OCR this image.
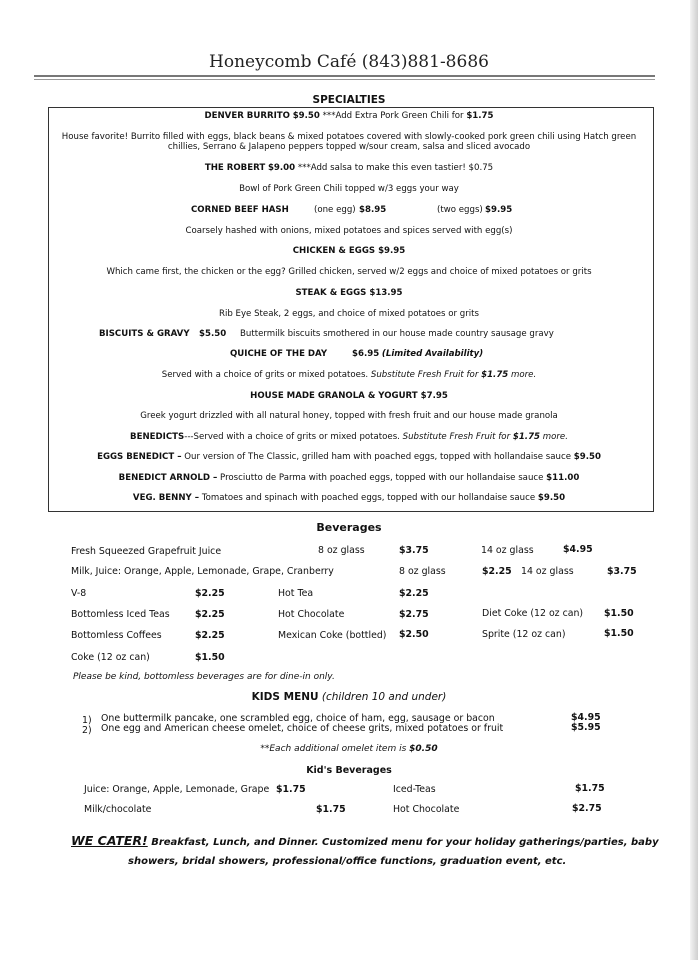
Honeycomb Café (843)881-8686
SPECIALTIES
DENVER BURRITO $9.50 ***Add Extra Pork Green Chili for $1.75
House favorite! Burrito filled with eggs, black beans & mixed potatoes covered with slowly-cooked pork green chili using Hatch green
chillies, Serrano & Jalapeno peppers topped w/sour cream, salsa and sliced avocado
THE ROBERT $9.00 ***Add salsa to make this even tastier! $0.75
Bowl of Pork Green Chili topped w/3 eggs your way
CORNED BEEF HASH	(one egg) $8.95	(two eggs) $9.95
Coarsely hashed with onions, mixed potatoes and spices served with egg(s)
CHICKEN & EGGS $9.95
Which came first, the chicken or the egg? Grilled chicken, served w/2 eggs and choice of mixed potatoes or grits
STEAK & EGGS $13.95
Rib Eye Steak, 2 eggs, and choice of mixed potatoes or grits
BISCUITS & GRAVY $5.50 Buttermilk biscuits smothered in our house made country sausage gravy
QUICHE OF THE DAY	$6.95 (Limited Availability)
Served with a choice of grits or mixed potatoes. Substitute Fresh Fruit for $1.75 more.
HOUSE MADE GRANOLA & YOGURT $7.95
Greek yogurt drizzled with all natural honey, topped with fresh fruit and our house made granola
BENEDICTS---Served with a choice of grits or mixed potatoes. Substitute Fresh Fruit for $1.75 more.
EGGS BENEDICT – Our version of The Classic, grilled ham with poached eggs, topped with hollandaise sauce $9.50
BENEDICT ARNOLD – Prosciutto de Parma with poached eggs, topped with our hollandaise sauce $11.00
VEG. BENNY – Tomatoes and spinach with poached eggs, topped with our hollandaise sauce $9.50
Beverages
Fresh Squeezed Grapefruit Juice	8 oz glass	$3.75	14 oz glass	$4.95
Milk, Juice: Orange, Apple, Lemonade, Grape, Cranberry	8 oz glass	$2.25 14 oz glass	$3.75
V-8	$2.25	Hot Tea	$2.25
Bottomless Iced Teas	$2.25	Hot Chocolate	$2.75	Diet Coke (12 oz can) $1.50
Bottomless Coffees	$2.25	Mexican Coke (bottled) $2.50	Sprite (12 oz can)	$1.50
Coke (12 oz can)	$1.50
Please be kind, bottomless beverages are for dine-in only.
KIDS MENU (children 10 and under)
1) One buttermilk pancake, one scrambled egg, choice of ham, egg, sausage or bacon	$4.95
2) One egg and American cheese omelet, choice of cheese grits, mixed potatoes or fruit	$5.95
**Each additional omelet item is $0.50
Kid's Beverages
Juice: Orange, Apple, Lemonade, Grape $1.75	Iced-Teas	$1.75
Milk/chocolate	$1.75	Hot Chocolate	$2.75
WE CATER! Breakfast, Lunch, and Dinner. Customized menu for your holiday gatherings/parties, baby
showers, bridal showers, professional/office functions, graduation event, etc.
